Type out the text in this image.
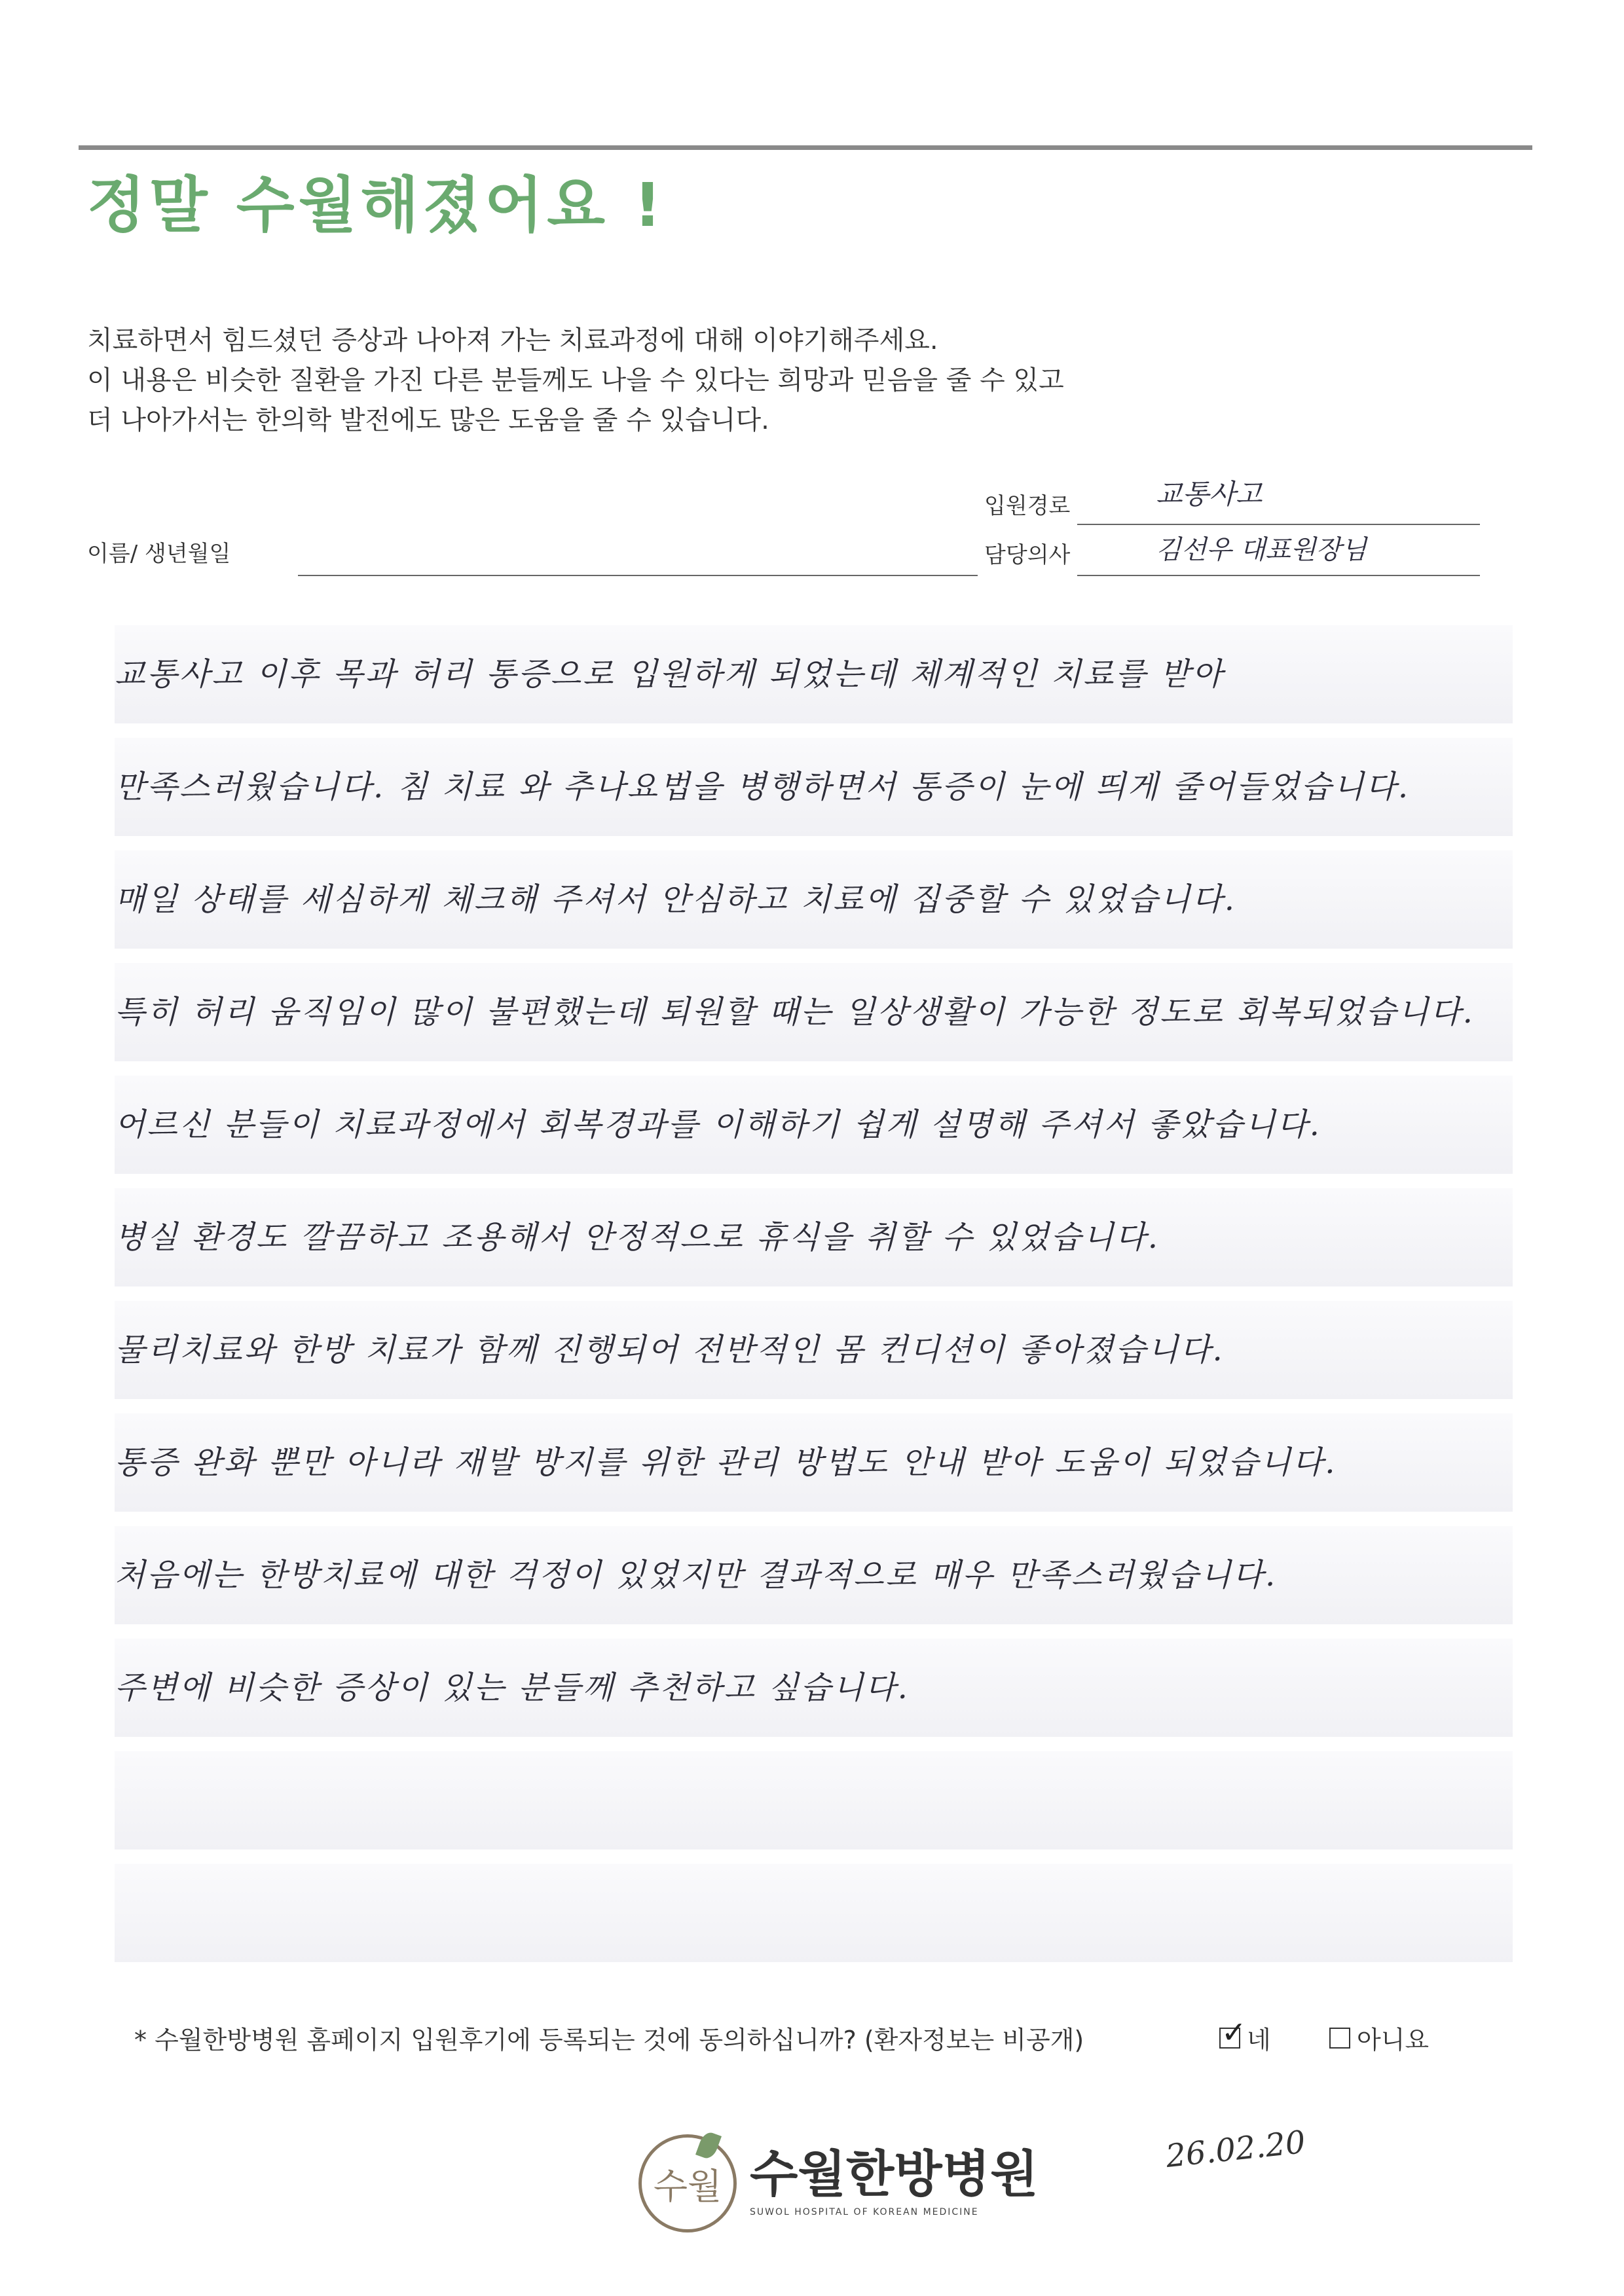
정말 수월해졌어요 !
치료하면서 힘드셨던 증상과 나아져 가는 치료과정에 대해 이야기해주세요.
이 내용은 비슷한 질환을 가진 다른 분들께도 나을 수 있다는 희망과 믿음을 줄 수 있고
더 나아가서는 한의학 발전에도 많은 도움을 줄 수 있습니다.
입원경로	교통사고
이름/ 생년월일	담당의사	김선우 대표원장님
교통사고 이후 목과 허리 통증으로 입원하게 되었는데 체계적인 치료를 받아
만족스러웠습니다. 침 치료 와 추나요법을 병행하면서 통증이 눈에 띄게 줄어들었습니다.
매일 상태를 세심하게 체크해 주셔서 안심하고 치료에 집중할 수 있었습니다.
특히 허리 움직임이 많이 불편했는데 퇴원할 때는 일상생활이 가능한 정도로 회복되었습니다.
어르신 분들이 치료과정에서 회복경과를 이해하기 쉽게 설명해 주셔서 좋았습니다.
병실 환경도 깔끔하고 조용해서 안정적으로 휴식을 취할 수 있었습니다.
물리치료와 한방 치료가 함께 진행되어 전반적인 몸 컨디션이 좋아졌습니다.
통증 완화 뿐만 아니라 재발 방지를 위한 관리 방법도 안내 받아 도움이 되었습니다.
처음에는 한방치료에 대한 걱정이 있었지만 결과적으로 매우 만족스러웠습니다.
주변에 비슷한 증상이 있는 분들께 추천하고 싶습니다.
* 수월한방병원 홈페이지 입원후기에 등록되는 것에 동의하십니까? (환자정보는 비공개)	✓ 네	아니요
26.02.20
수월 수월한방병원
SUWOL HOSPITAL OF KOREAN MEDICINE
